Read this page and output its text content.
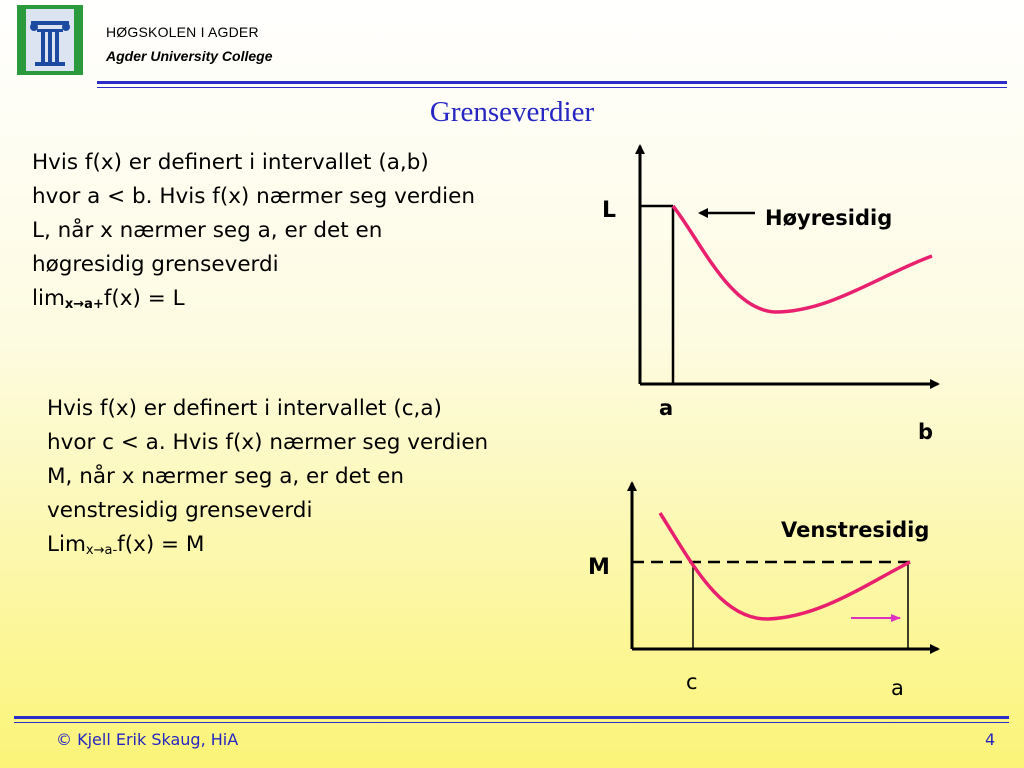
HØGSKOLEN I AGDER
Agder University College
Grenseverdier
Hvis f(x) er definert i intervallet (a,b)
hvor a < b. Hvis f(x) nærmer seg verdien
L, når x nærmer seg a, er det en
høgresidig grenseverdi
$\lim_{x\to a+}f(x) = L$
Hvis f(x) er definert i intervallet (c,a)
hvor c < a. Hvis f(x) nærmer seg verdien
M, når x nærmer seg a, er det en
venstresidig grenseverdi
Lim$_{x\to a-}$f(x) = M
L	Høyresidig
a
b
Venstresidig
M
c	a
© Kjell Erik Skaug, HiA	4
